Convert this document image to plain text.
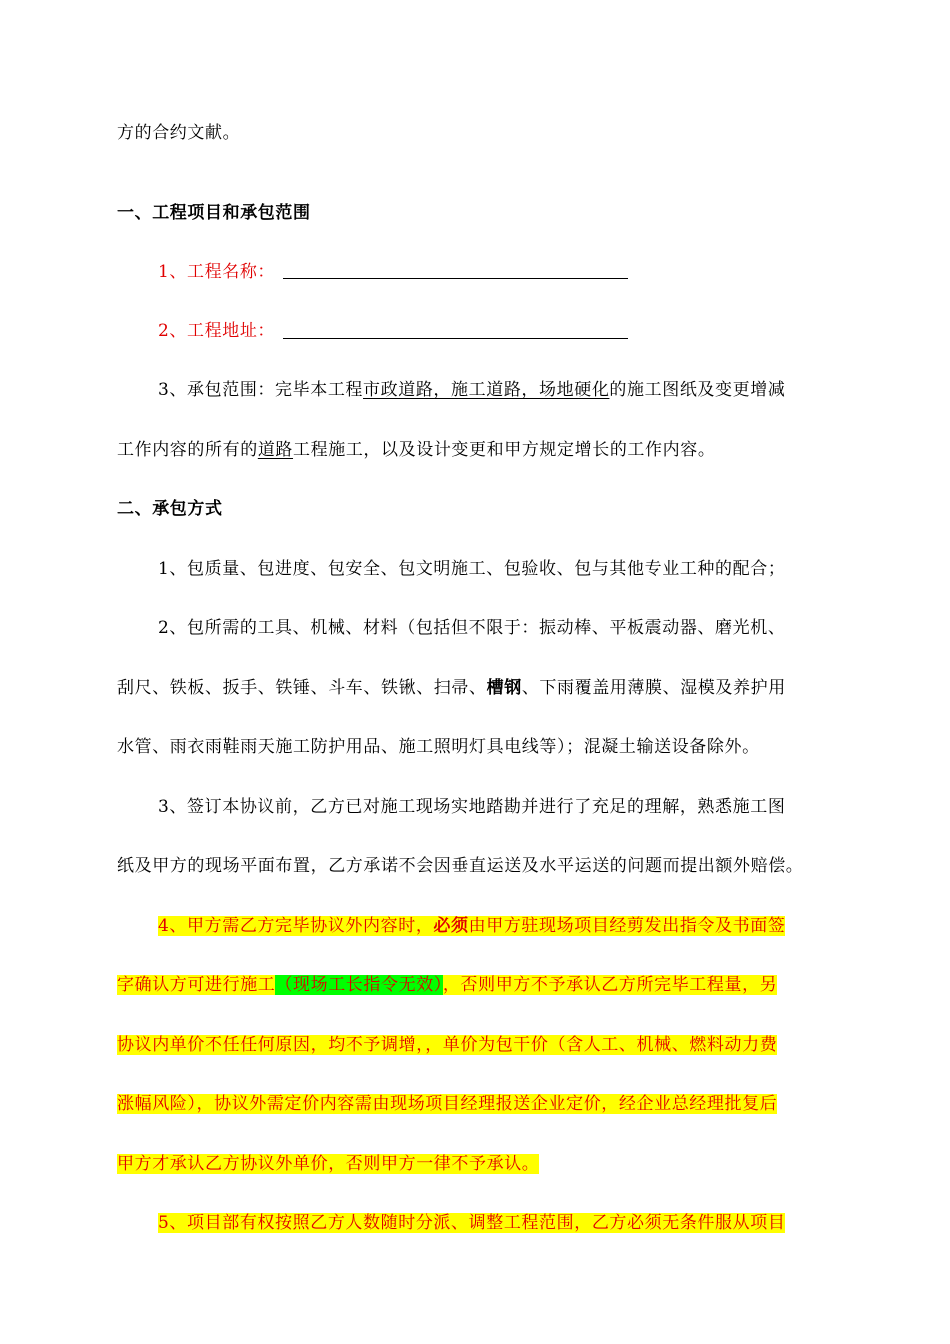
方的合约文献。
一、工程项目和承包范围
1、工程名称：
2、工程地址：
3、承包范围：完毕本工程市政道路，施工道路，场地硬化的施工图纸及变更增减
工作内容的所有的道路工程施工，以及设计变更和甲方规定增长的工作内容。
二、承包方式
1、包质量、包进度、包安全、包文明施工、包验收、包与其他专业工种的配合；
2、包所需的工具、机械、材料（包括但不限于：振动棒、平板震动器、磨光机、
刮尺、铁板、扳手、铁锤、斗车、铁锹、扫帚、槽钢、下雨覆盖用薄膜、湿模及养护用
水管、雨衣雨鞋雨天施工防护用品、施工照明灯具电线等）；混凝土输送设备除外。
3、签订本协议前，乙方已对施工现场实地踏勘并进行了充足的理解，熟悉施工图
纸及甲方的现场平面布置，乙方承诺不会因垂直运送及水平运送的问题而提出额外赔偿。
4、甲方需乙方完毕协议外内容时，必须由甲方驻现场项目经剪发出指令及书面签
字确认方可进行施工（现场工长指令无效），否则甲方不予承认乙方所完毕工程量，另
协议内单价不任任何原因，均不予调增，，单价为包干价（含人工、机械、燃料动力费
涨幅风险），协议外需定价内容需由现场项目经理报送企业定价，经企业总经理批复后
甲方才承认乙方协议外单价，否则甲方一律不予承认。
5、项目部有权按照乙方人数随时分派、调整工程范围，乙方必须无条件服从项目
